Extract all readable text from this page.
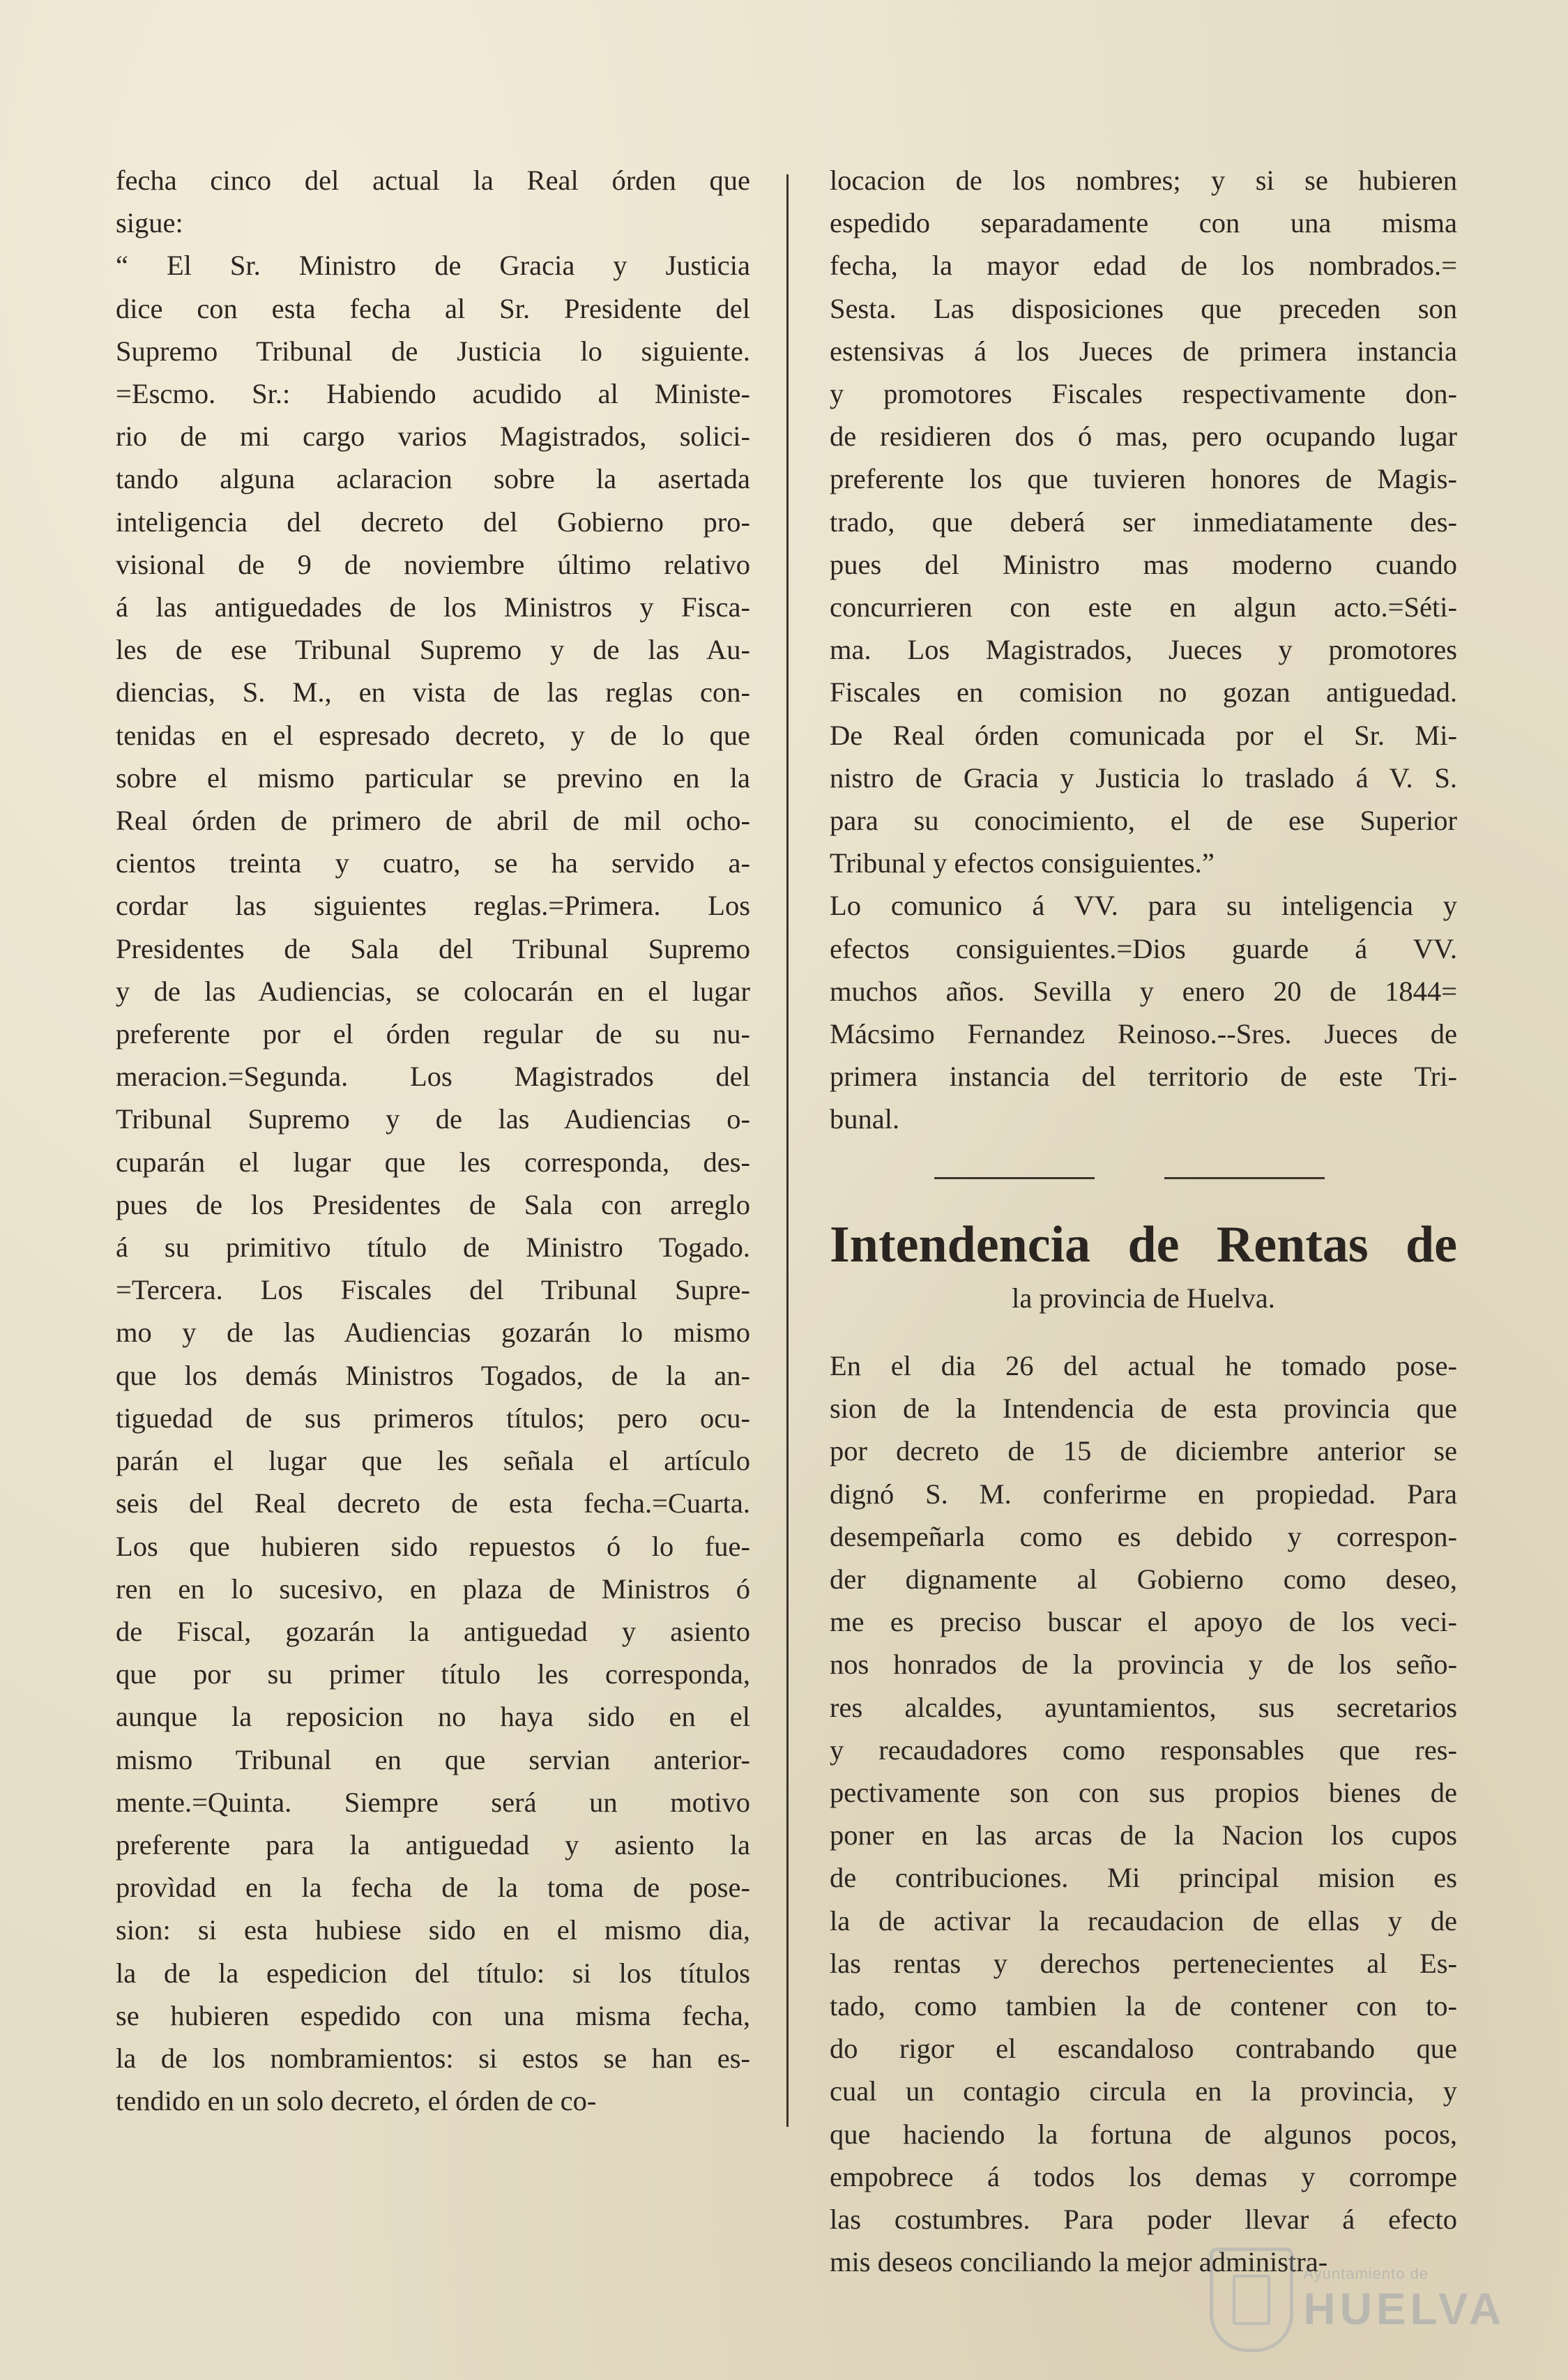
fecha cinco del actual la Real órden que
sigue:
“ El Sr. Ministro de Gracia y Justicia
dice con esta fecha al Sr. Presidente del
Supremo Tribunal de Justicia lo siguiente.
=Escmo. Sr.: Habiendo acudido al Ministe-
rio de mi cargo varios Magistrados, solici-
tando alguna aclaracion sobre la asertada
inteligencia del decreto del Gobierno pro-
visional de 9 de noviembre último relativo
á las antiguedades de los Ministros y Fisca-
les de ese Tribunal Supremo y de las Au-
diencias, S. M., en vista de las reglas con-
tenidas en el espresado decreto, y de lo que
sobre el mismo particular se previno en la
Real órden de primero de abril de mil ocho-
cientos treinta y cuatro, se ha servido a-
cordar las siguientes reglas.=Primera. Los
Presidentes de Sala del Tribunal Supremo
y de las Audiencias, se colocarán en el lugar
preferente por el órden regular de su nu-
meracion.=Segunda. Los Magistrados del
Tribunal Supremo y de las Audiencias o-
cuparán el lugar que les corresponda, des-
pues de los Presidentes de Sala con arreglo
á su primitivo título de Ministro Togado.
=Tercera. Los Fiscales del Tribunal Supre-
mo y de las Audiencias gozarán lo mismo
que los demás Ministros Togados, de la an-
tiguedad de sus primeros títulos; pero ocu-
parán el lugar que les señala el artículo
seis del Real decreto de esta fecha.=Cuarta.
Los que hubieren sido repuestos ó lo fue-
ren en lo sucesivo, en plaza de Ministros ó
de Fiscal, gozarán la antiguedad y asiento
que por su primer título les corresponda,
aunque la reposicion no haya sido en el
mismo Tribunal en que servian anterior-
mente.=Quinta. Siempre será un motivo
preferente para la antiguedad y asiento la
provìdad en la fecha de la toma de pose-
sion: si esta hubiese sido en el mismo dia,
la de la espedicion del título: si los títulos
se hubieren espedido con una misma fecha,
la de los nombramientos: si estos se han es-
tendido en un solo decreto, el órden de co-
locacion de los nombres; y si se hubieren
espedido separadamente con una misma
fecha, la mayor edad de los nombrados.=
Sesta. Las disposiciones que preceden son
estensivas á los Jueces de primera instancia
y promotores Fiscales respectivamente don-
de residieren dos ó mas, pero ocupando lugar
preferente los que tuvieren honores de Magis-
trado, que deberá ser inmediatamente des-
pues del Ministro mas moderno cuando
concurrieren con este en algun acto.=Séti-
ma. Los Magistrados, Jueces y promotores
Fiscales en comision no gozan antiguedad.
De Real órden comunicada por el Sr. Mi-
nistro de Gracia y Justicia lo traslado á V. S.
para su conocimiento, el de ese Superior
Tribunal y efectos consiguientes.”
Lo comunico á VV. para su inteligencia y
efectos consiguientes.=Dios guarde á VV.
muchos años. Sevilla y enero 20 de 1844=
Mácsimo Fernandez Reinoso.--Sres. Jueces de
primera instancia del territorio de este Tri-
bunal.
Intendencia de Rentas de
la provincia de Huelva.
En el dia 26 del actual he tomado pose-
sion de la Intendencia de esta provincia que
por decreto de 15 de diciembre anterior se
dignó S. M. conferirme en propiedad. Para
desempeñarla como es debido y correspon-
der dignamente al Gobierno como deseo,
me es preciso buscar el apoyo de los veci-
nos honrados de la provincia y de los seño-
res alcaldes, ayuntamientos, sus secretarios
y recaudadores como responsables que res-
pectivamente son con sus propios bienes de
poner en las arcas de la Nacion los cupos
de contribuciones. Mi principal mision es
la de activar la recaudacion de ellas y de
las rentas y derechos pertenecientes al Es-
tado, como tambien la de contener con to-
do rigor el escandaloso contrabando que
cual un contagio circula en la provincia, y
que haciendo la fortuna de algunos pocos,
empobrece á todos los demas y corrompe
las costumbres. Para poder llevar á efecto
mis deseos conciliando la mejor administra-
Ayuntamiento de
HUELVA
